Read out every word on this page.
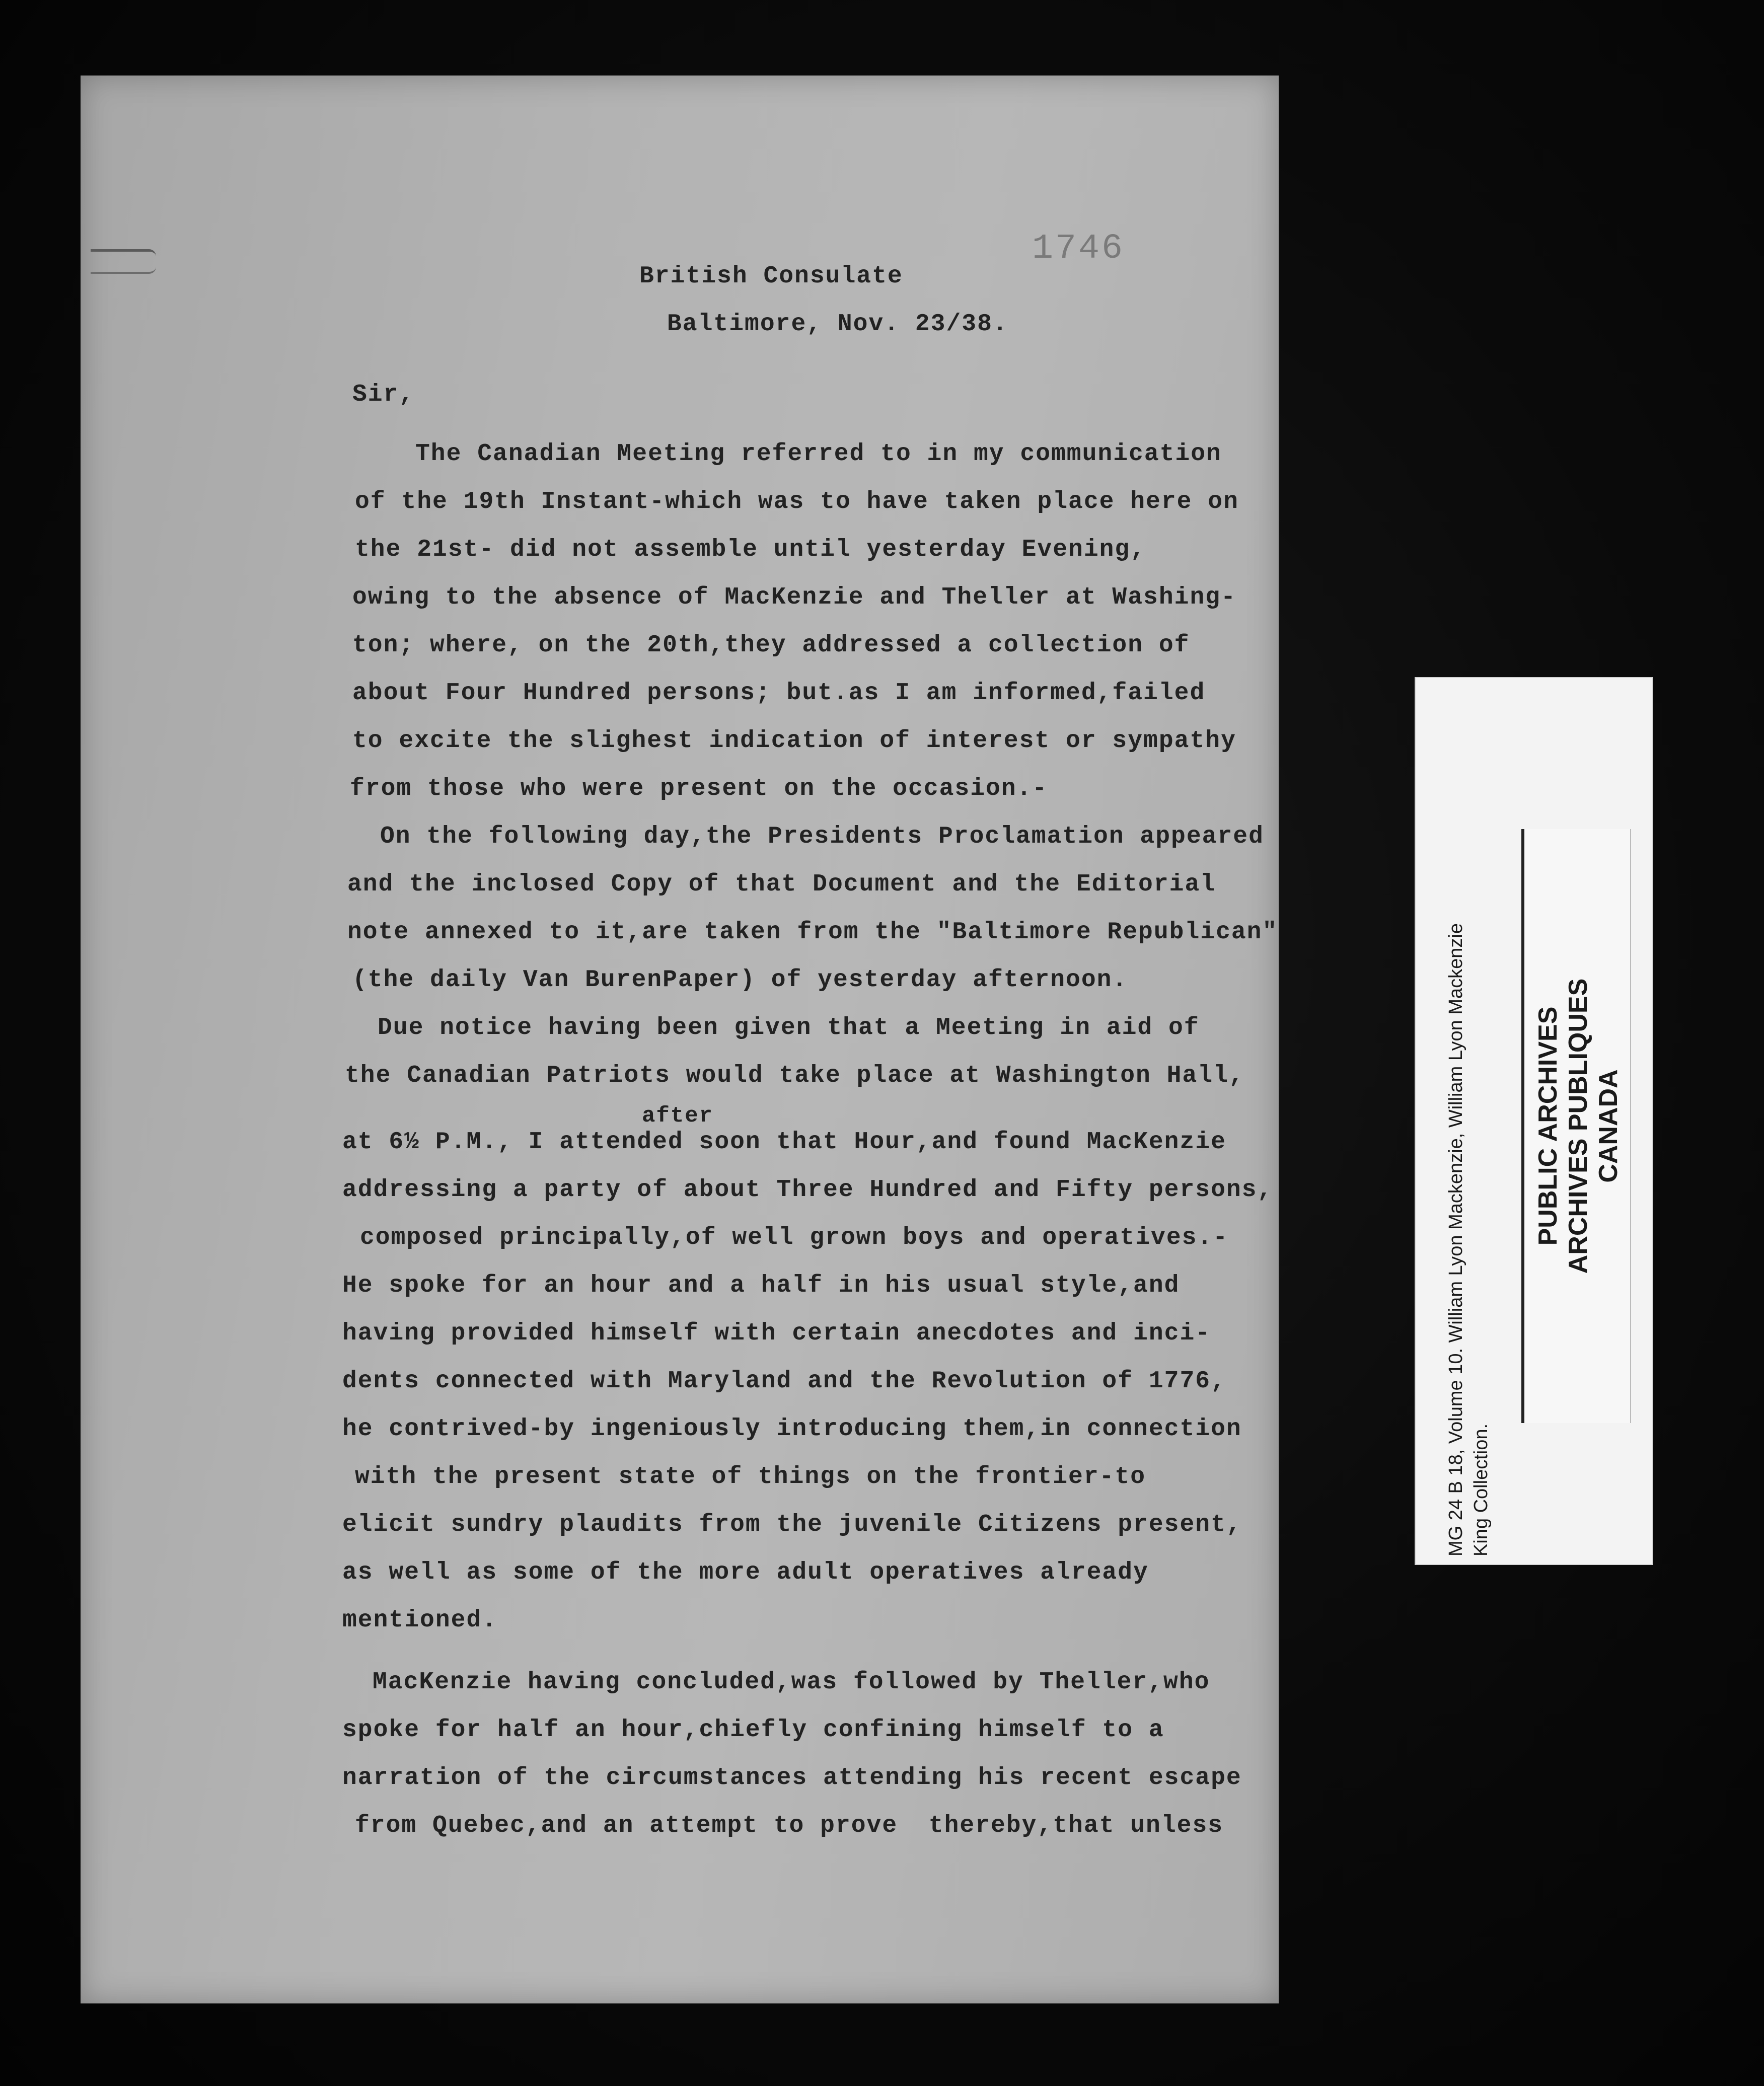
1746
British Consulate
Baltimore, Nov. 23/38.
Sir,
The Canadian Meeting referred to in my communication
of the 19th Instant-which was to have taken place here on
the 21st- did not assemble until yesterday Evening,
owing to the absence of MacKenzie and Theller at Washing-
ton; where, on the 20th,they addressed a collection of
about Four Hundred persons; but.as I am informed,failed
to excite the slighest indication of interest or sympathy
from those who were present on the occasion.-
On the following day,the Presidents Proclamation appeared
and the inclosed Copy of that Document and the Editorial
note annexed to it,are taken from the "Baltimore Republican"
(the daily Van BurenPaper) of yesterday afternoon.
Due notice having been given that a Meeting in aid of
the Canadian Patriots would take place at Washington Hall,
after
at 6½ P.M., I attended soon that Hour,and found MacKenzie
addressing a party of about Three Hundred and Fifty persons,
composed principally,of well grown boys and operatives.-
He spoke for an hour and a half in his usual style,and
having provided himself with certain anecdotes and inci-
dents connected with Maryland and the Revolution of 1776,
he contrived-by ingeniously introducing them,in connection
with the present state of things on the frontier-to
elicit sundry plaudits from the juvenile Citizens present,
as well as some of the more adult operatives already
mentioned.
MacKenzie having concluded,was followed by Theller,who
spoke for half an hour,chiefly confining himself to a
narration of the circumstances attending his recent escape
from Quebec,and an attempt to prove  thereby,that unless
MG 24 B 18, Volume 10. William Lyon Mackenzie, William Lyon Mackenzie King Collection.
PUBLIC ARCHIVES ARCHIVES PUBLIQUES CANADA
